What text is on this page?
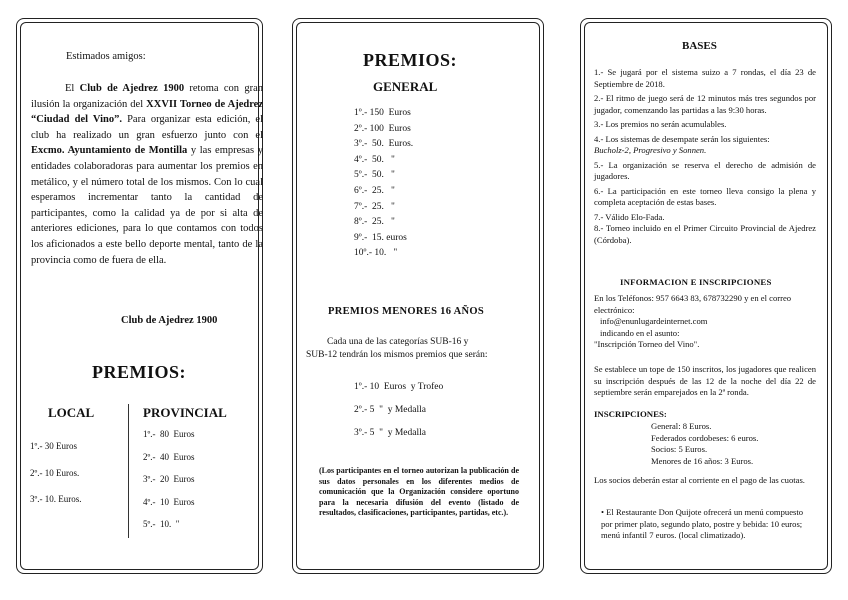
Estimados amigos:
El Club de Ajedrez 1900 retoma con gran ilusión la organización del XXVII Torneo de Ajedrez “Ciudad del Vino”. Para organizar esta edición, el club ha realizado un gran esfuerzo junto con el Excmo. Ayuntamiento de Montilla y las empresas y entidades colaboradoras para aumentar los premios en metálico, y el número total de los mismos. Con lo cual esperamos incrementar tanto la cantidad de participantes, como la calidad ya de por si alta de anteriores ediciones, para lo que contamos con todos los aficionados a este bello deporte mental, tanto de la provincia como de fuera de ella.
Club de Ajedrez 1900
PREMIOS:
LOCAL	PROVINCIAL
1º.- 30 Euros
2º.- 10 Euros.
3º.- 10. Euros.
1º.-  80  Euros
2º.-  40  Euros
3º.-  20  Euros
4º.-  10  Euros
5º.-  10.  "
PREMIOS:
GENERAL
1º.- 150  Euros
2º.- 100  Euros
3º.-  50.  Euros.
4º.-  50.   "
5º.-  50.   "
6º.-  25.   "
7º.-  25.   "
8º.-  25.   "
9º.-  15. euros
10º.- 10.   "
PREMIOS MENORES 16 AÑOS
Cada una de las categorías SUB-16 y
SUB-12 tendrán los mismos premios que serán:
1º.- 10  Euros  y Trofeo
2º.- 5  "  y Medalla
3º.- 5  "  y Medalla
(Los participantes en el torneo autorizan la publicación de sus datos personales en los diferentes medios de comunicación que la Organización considere oportuno para la necesaria difusión del evento (listado de resultados, clasificaciones, participantes, partidas, etc.).
BASES
1.- Se jugará por el sistema suizo a 7 rondas, el día 23 de Septiembre de 2018.
2.- El ritmo de juego será de 12 minutos más tres segundos por jugador, comenzando las partidas a las 9:30 horas.
3.- Los premios no serán acumulables.
4.- Los sistemas de desempate serán los siguientes:
Bucholz-2, Progresivo y Sonnen.
5.- La organización se reserva el derecho de admisión de jugadores.
6.- La participación en este torneo lleva consigo la plena y completa aceptación de estas bases.
7.- Válido Elo-Fada.
8.- Torneo incluido en el Primer Circuito Provincial de Ajedrez (Córdoba).
INFORMACION E INSCRIPCIONES
En los Teléfonos: 957 6643 83, 678732290 y en el correo electrónico:
info@enunlugardeinternet.com
indicando en el asunto:
"Inscripción Torneo del Vino".
Se establece un tope de 150 inscritos, los jugadores que realicen su inscripción después de las 12 de la noche del día 22 de septiembre serán emparejados en la 2ª ronda.
INSCRIPCIONES:
General: 8 Euros.
Federados cordobeses: 6 euros.
Socios: 5 Euros.
Menores de 16 años: 3 Euros.
Los socios deberán estar al corriente en el pago de las cuotas.
• El Restaurante Don Quijote ofrecerá un menú compuesto por primer plato, segundo plato, postre y bebida: 10 euros; menú infantil 7 euros. (local climatizado).
